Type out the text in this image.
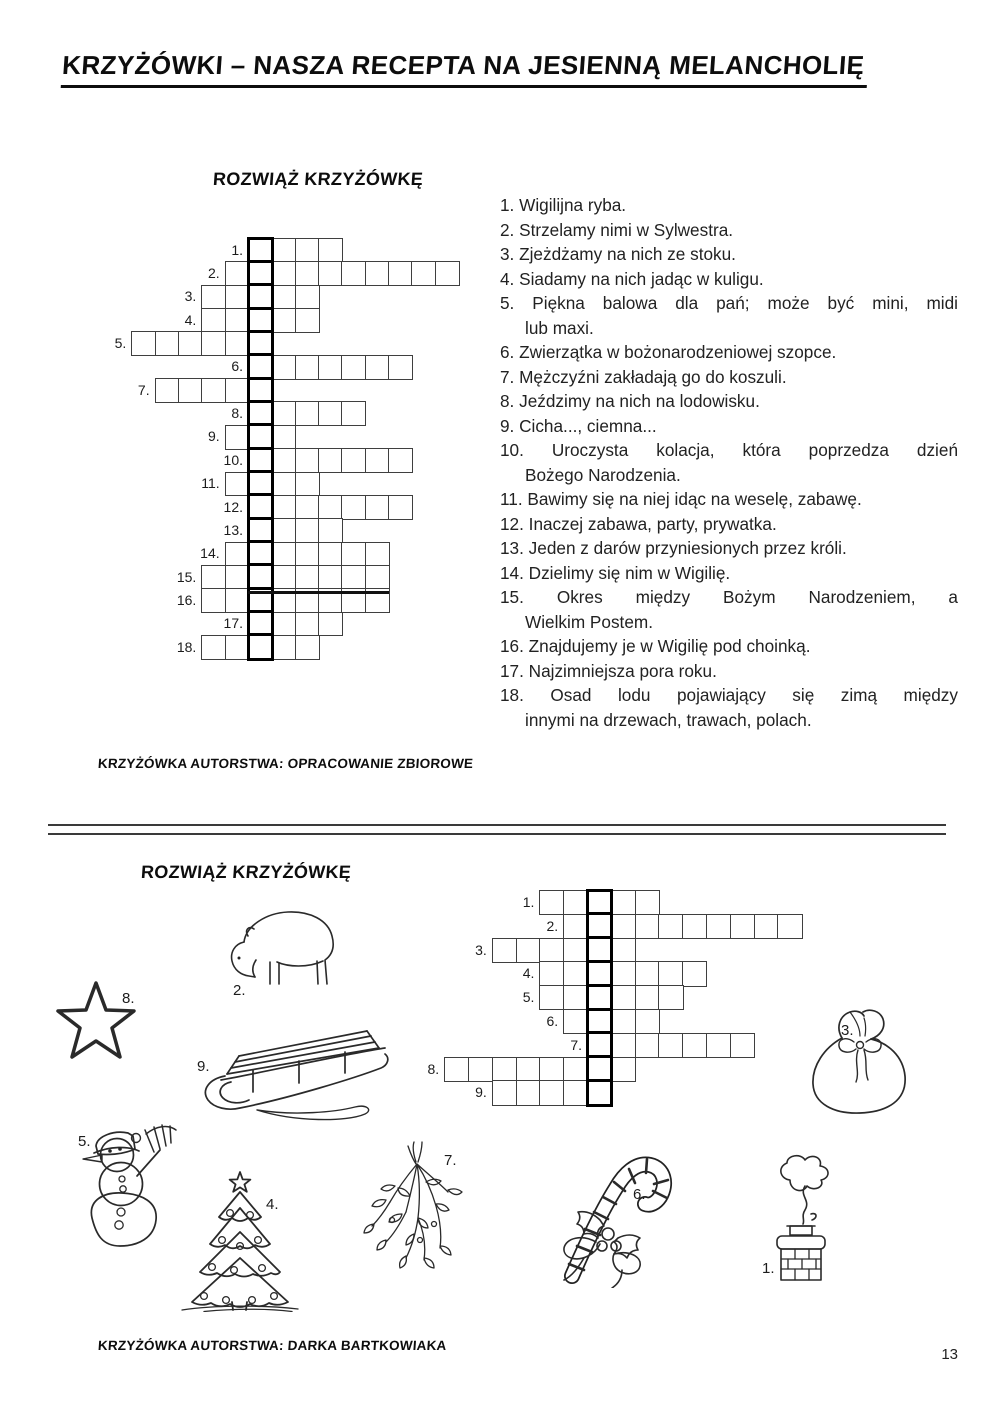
KRZYŻÓWKI – NASZA RECEPTA NA JESIENNĄ MELANCHOLIĘ
ROZWIĄŻ KRZYŻÓWKĘ
1.
2.
3.
4.
5.
6.
7.
8.
9.
10.
11.
12.
13.
14.
15.
16.
17.
18.
1. Wigilijna ryba.
2. Strzelamy nimi w Sylwestra.
3. Zjeżdżamy na nich ze stoku.
4. Siadamy na nich jadąc w kuligu.
5. Piękna balowa dla pań; może być mini, midi
lub maxi.
6. Zwierzątka w bożonarodzeniowej szopce.
7. Mężczyźni zakładają go do koszuli.
8. Jeździmy na nich na lodowisku.
9. Cicha..., ciemna...
10. Uroczysta kolacja, która poprzedza dzień
Bożego Narodzenia.
11. Bawimy się na niej idąc na weselę, zabawę.
12. Inaczej zabawa, party, prywatka.
13. Jeden z darów przyniesionych przez króli.
14. Dzielimy się nim w Wigilię.
15. Okres między Bożym Narodzeniem, a
Wielkim Postem.
16. Znajdujemy je w Wigilię pod choinką.
17. Najzimniejsza pora roku.
18. Osad lodu pojawiający się zimą między
innymi na drzewach, trawach, polach.
KRZYŻÓWKA AUTORSTWA: OPRACOWANIE ZBIOROWE
ROZWIĄŻ KRZYŻÓWKĘ
1.
2.
3.
4.
5.
6.
7.
8.
9.
1.
2.
3.
4.
5.
6.
7.
8.
9.
KRZYŻÓWKA AUTORSTWA: DARKA BARTKOWIAKA
13
